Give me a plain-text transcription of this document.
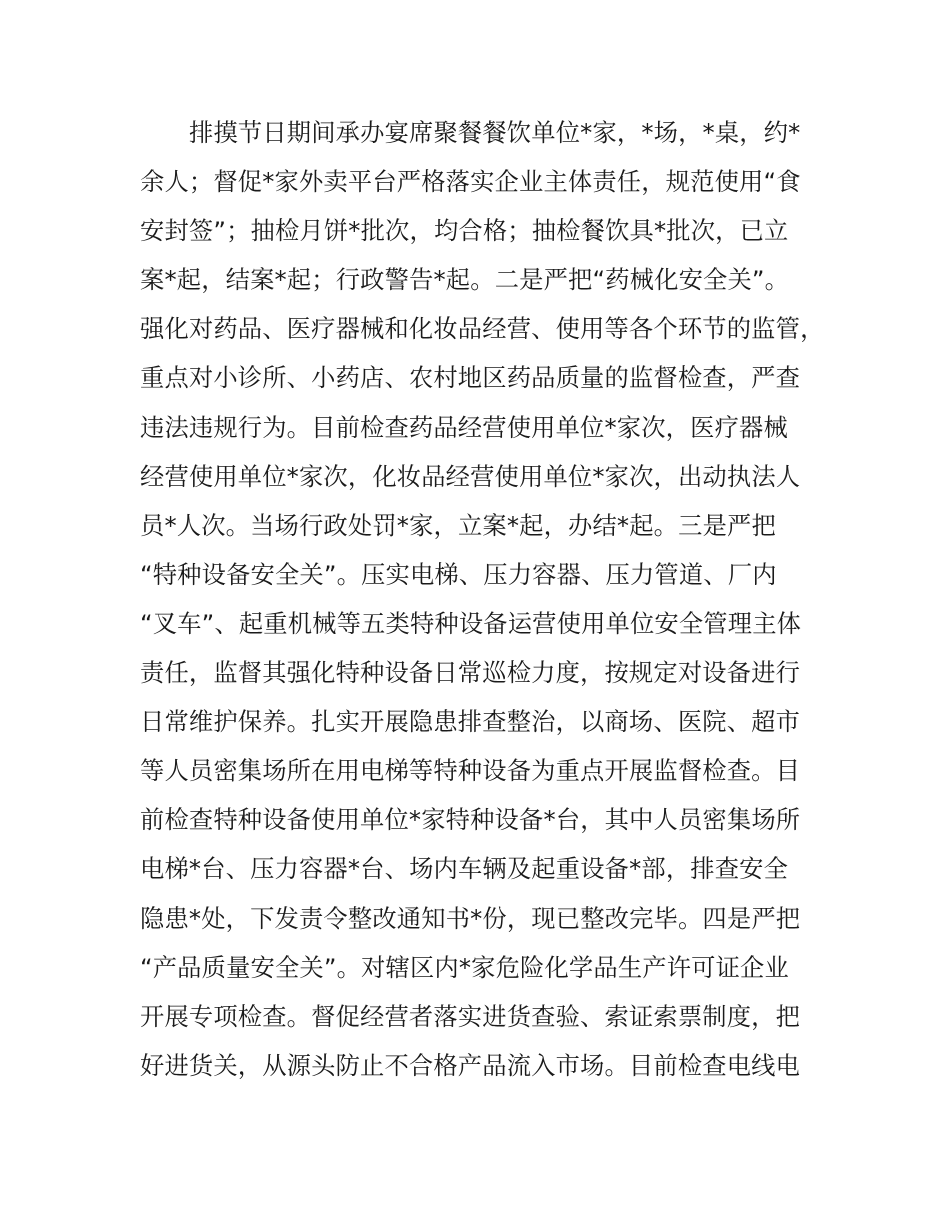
排摸节日期间承办宴席聚餐餐饮单位*家，*场，*桌，约*
余人；督促*家外卖平台严格落实企业主体责任，规范使用“食
安封签”；抽检月饼*批次，均合格；抽检餐饮具*批次，已立
案*起，结案*起；行政警告*起。二是严把“药械化安全关”。
强化对药品、医疗器械和化妆品经营、使用等各个环节的监管，
重点对小诊所、小药店、农村地区药品质量的监督检查，严查
违法违规行为。目前检查药品经营使用单位*家次，医疗器械
经营使用单位*家次，化妆品经营使用单位*家次，出动执法人
员*人次。当场行政处罚*家，立案*起，办结*起。三是严把
“特种设备安全关”。压实电梯、压力容器、压力管道、厂内
“叉车”、起重机械等五类特种设备运营使用单位安全管理主体
责任，监督其强化特种设备日常巡检力度，按规定对设备进行
日常维护保养。扎实开展隐患排查整治，以商场、医院、超市
等人员密集场所在用电梯等特种设备为重点开展监督检查。目
前检查特种设备使用单位*家特种设备*台，其中人员密集场所
电梯*台、压力容器*台、场内车辆及起重设备*部，排查安全
隐患*处，下发责令整改通知书*份，现已整改完毕。四是严把
“产品质量安全关”。对辖区内*家危险化学品生产许可证企业
开展专项检查。督促经营者落实进货查验、索证索票制度，把
好进货关，从源头防止不合格产品流入市场。目前检查电线电
